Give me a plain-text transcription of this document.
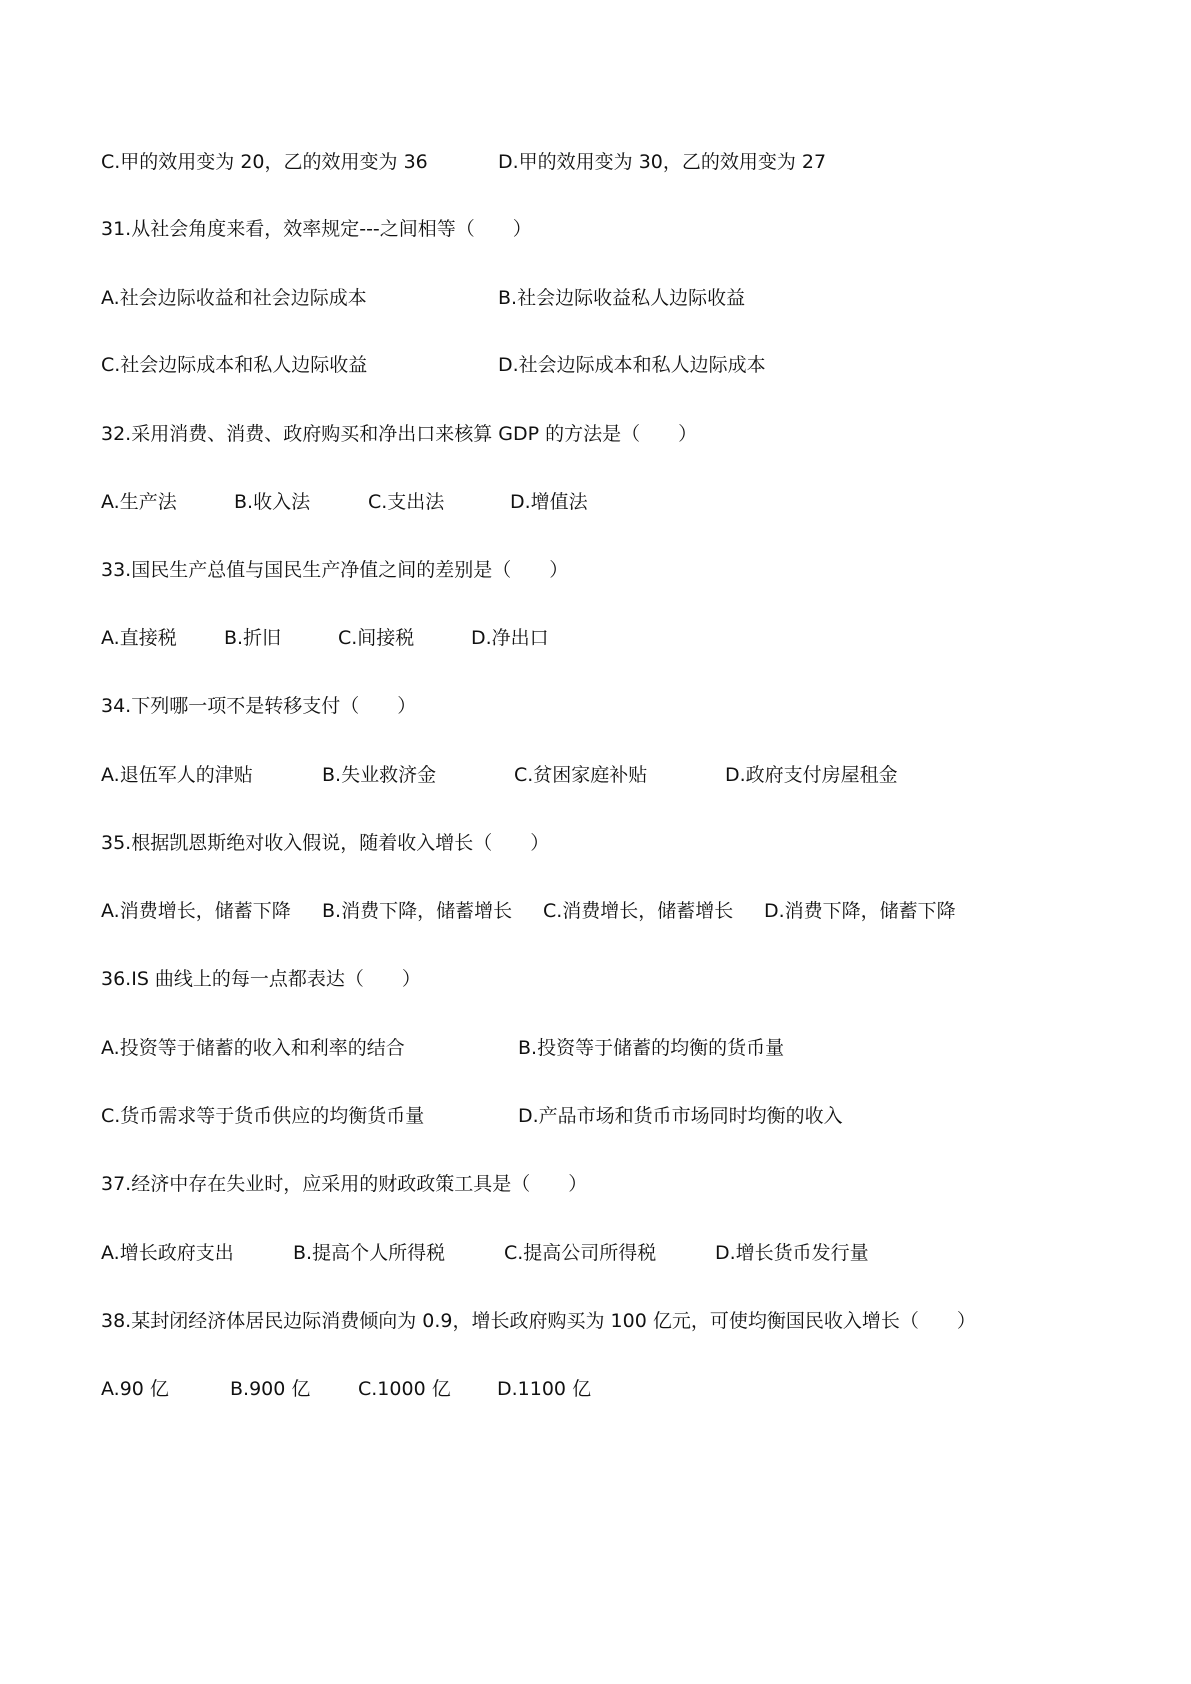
C.甲的效用变为 20，乙的效用变为 36	D.甲的效用变为 30，乙的效用变为 27
31.从社会角度来看，效率规定---之间相等（　　）
A.社会边际收益和社会边际成本	B.社会边际收益私人边际收益
C.社会边际成本和私人边际收益	D.社会边际成本和私人边际成本
32.采用消费、消费、政府购买和净出口来核算 GDP 的方法是（　　）
A.生产法	B.收入法	C.支出法	D.增值法
33.国民生产总值与国民生产净值之间的差别是（　　）
A.直接税 B.折旧	C.间接税	D.净出口
34.下列哪一项不是转移支付（　　）
A.退伍军人的津贴	B.失业救济金	C.贫困家庭补贴	D.政府支付房屋租金
35.根据凯恩斯绝对收入假说，随着收入增长（　　）
A.消费增长，储蓄下降 B.消费下降，储蓄增长 C.消费增长，储蓄增长 D.消费下降，储蓄下降
36.IS 曲线上的每一点都表达（　　）
A.投资等于储蓄的收入和利率的结合	B.投资等于储蓄的均衡的货币量
C.货币需求等于货币供应的均衡货币量	D.产品市场和货币市场同时均衡的收入
37.经济中存在失业时，应采用的财政政策工具是（　　）
A.增长政府支出	B.提高个人所得税	C.提高公司所得税	D.增长货币发行量
38.某封闭经济体居民边际消费倾向为 0.9，增长政府购买为 100 亿元，可使均衡国民收入增长（　　）
A.90 亿	B.900 亿	C.1000 亿 D.1100 亿
